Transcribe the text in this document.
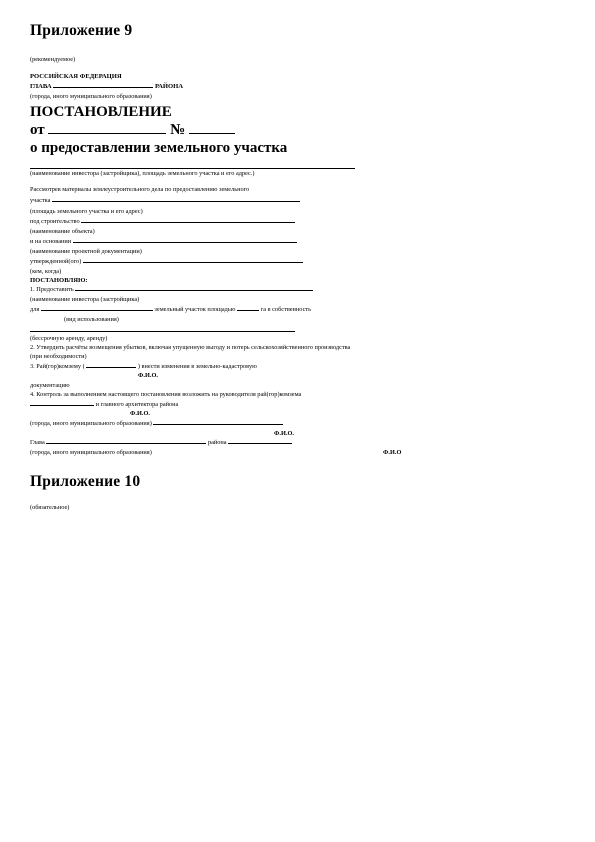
Приложение 9
(рекомендуемое)
РОССИЙСКАЯ ФЕДЕРАЦИЯ
ГЛАВА	РАЙОНА
(города, иного муниципального образования)
ПОСТАНОВЛЕНИЕ
от	№
о предоставлении земельного участка
(наименование инвестора (застройщика), площадь земельного участка и его адрес.)
Рассмотрев материалы землеустроительного дела по предоставлению земельного
участка
(площадь земельного участка и его адрес)
под строительство
(наименование объекта)
и на основании
(наименование проектной документации)
утвержденной(ого)
(кем, когда)
ПОСТАНОВЛЯЮ:
1. Предоставить
(наименование инвестора (застройщика)
для	земельный участок площадью	га в собственность
(вид использования)
(бессрочную аренду, аренду)
2. Утвердить расчёты возмещения убытков, включая упущенную выгоду и потерь сельскохозяйственного производства
(при необходимости)
3. Рай(гор)комзему (	) внести изменения в земельно-кадастровую
Ф.И.О.
документацию
4. Контроль за выполнением настоящего постановления возложить на руководителя рай(гор)комзема
и главного архитектора района
Ф.И.О.
(города, иного муниципального образования)
Ф.И.О.
Глава	района
(города, иного муниципального образования)	Ф.И.О
Приложение 10
(обязательное)
